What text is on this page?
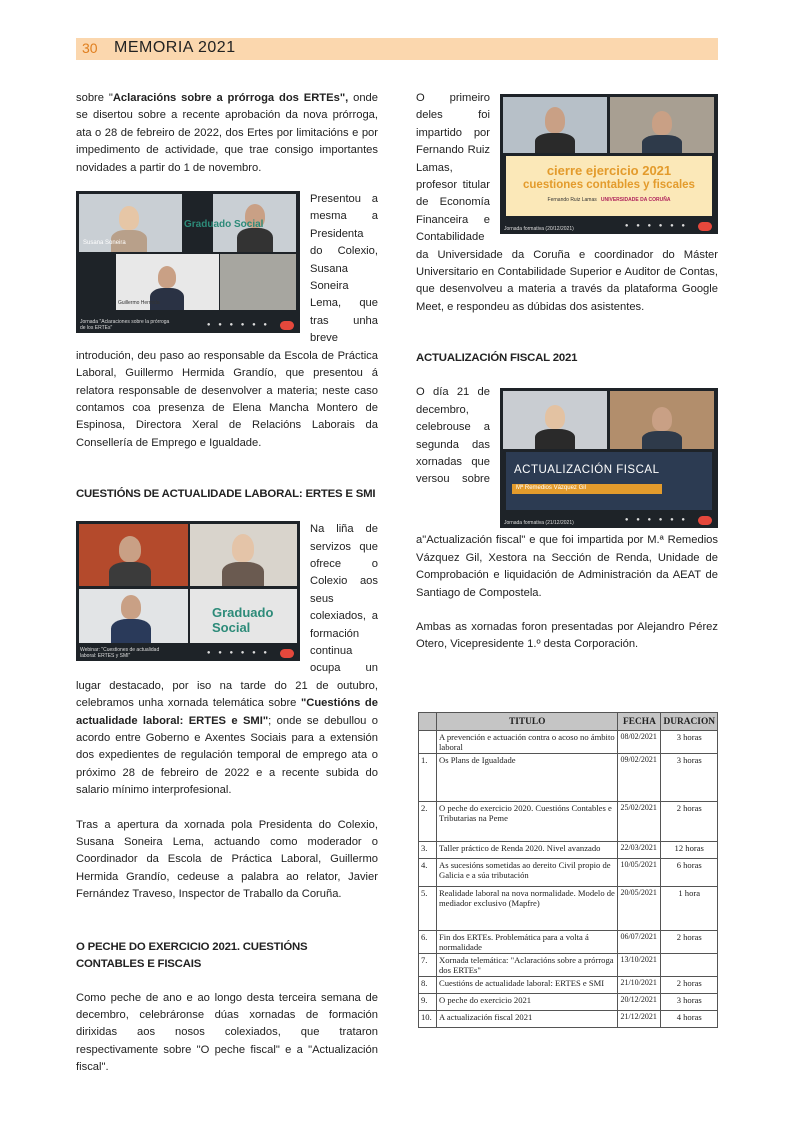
30 MEMORIA 2021

sobre "Aclaracións sobre a prórroga dos ERTEs", onde se disertou sobre a recente aprobación da nova prórroga, ata o 28 de febreiro de 2022, dos Ertes por limitacións e por impedimento de actividade, que trae consigo importantes novidades a partir do 1 de novembro.

Susana Soneira
Graduado Social
Guillermo Hermida
Jornada "Aclaraciones sobre la prórroga de los ERTEs"	● ● ● ● ● ●

Presentou a mesma a Presidenta do Colexio, Susana Soneira Lema, que tras unha breve introdución, deu paso ao responsable da Escola de Práctica Laboral, Guillermo Hermida Grandío, que presentou á relatora responsable de desenvolver a materia; neste caso contamos coa presenza de Elena Mancha Montero de Espinosa, Directora Xeral de Relacións Laborais da Consellería de Emprego e Igualdade.

CUESTIÓNS DE ACTUALIDADE LABORAL: ERTES E SMI
Graduado Social
Webinar: "Cuestiones de actualidad laboral: ERTES y SMI"	● ● ● ● ● ●

Na liña de servizos que ofrece o Colexio aos seus colexiados, a formación continua ocupa un lugar destacado, por iso na tarde do 21 de outubro, celebramos unha xornada telemática sobre "Cuestións de actualidade laboral: ERTES e SMI"; onde se debullou o acordo entre Goberno e Axentes Sociais para a extensión dos expedientes de regulación temporal de emprego ata o próximo 28 de febreiro de 2022 e a recente subida do salario mínimo interprofesional.

Tras a apertura da xornada pola Presidenta do Colexio, Susana Soneira Lema, actuando como moderador o Coordinador da Escola de Práctica Laboral, Guillermo Hermida Grandío, cedeuse a palabra ao relator, Javier Fernández Traveso, Inspector de Traballo da Coruña.

O PECHE DO EXERCICIO 2021. CUESTIÓNS CONTABLES E FISCAIS

Como peche de ano e ao longo desta terceira semana de decembro, celebráronse dúas xornadas de formación dirixidas aos nosos colexiados, que trataron respectivamente sobre "O peche fiscal" e a "Actualización fiscal".

cierre ejercicio 2021
cuestiones contables y fiscales
Fernando Ruiz Lamas UNIVERSIDADE DA CORUÑA
Jornada formativa (20/12/2021)	● ● ● ● ● ●

O primeiro deles foi impartido por Fernando Ruiz Lamas, profesor titular de Economía Financeira e Contabilidade da Universidade da Coruña e coordinador do Máster Universitario en Contabilidade Superior e Auditor de Contas, que desenvolveu a materia a través da plataforma Google Meet, e respondeu as dúbidas dos asistentes.

ACTUALIZACIÓN FISCAL 2021
ACTUALIZACIÓN FISCAL
Mª Remedios Vázquez Gil
Jornada formativa (21/12/2021)	● ● ● ● ● ●

O día 21 de decembro, celebrouse a segunda das xornadas que versou sobre a"Actualización fiscal" e que foi impartida por M.ª Remedios Vázquez Gil, Xestora na Sección de Renda, Unidade de Comprobación e liquidación de Administración da AEAT de Santiago de Compostela.

Ambas as xornadas foron presentadas por Alejandro Pérez Otero, Vicepresidente 1.º desta Corporación.

	TITULO	FECHA	DURACION
	A prevención e actuación contra o acoso no ámbito laboral	08/02/2021	3 horas
1.	Os Plans de Igualdade	09/02/2021	3 horas
2.	O peche do exercicio 2020. Cuestións Contables e Tributarias na Peme	25/02/2021	2 horas
3.	Taller práctico de Renda 2020. Nivel avanzado	22/03/2021	12 horas
4.	As sucesións sometidas ao dereito Civil propio de Galicia e a súa tributación	10/05/2021	6 horas
5.	Realidade laboral na nova normalidade. Modelo de mediador exclusivo (Mapfre)	20/05/2021	1 hora
6.	Fin dos ERTEs. Problemática para a volta á normalidade	06/07/2021	2 horas
7.	Xornada telemática: "Aclaracións sobre a prórroga dos ERTEs"	13/10/2021	
8.	Cuestións de actualidade laboral: ERTES e SMI	21/10/2021	2 horas
9.	O peche do exercicio 2021	20/12/2021	3 horas
10.	A actualización fiscal 2021	21/12/2021	4 horas
